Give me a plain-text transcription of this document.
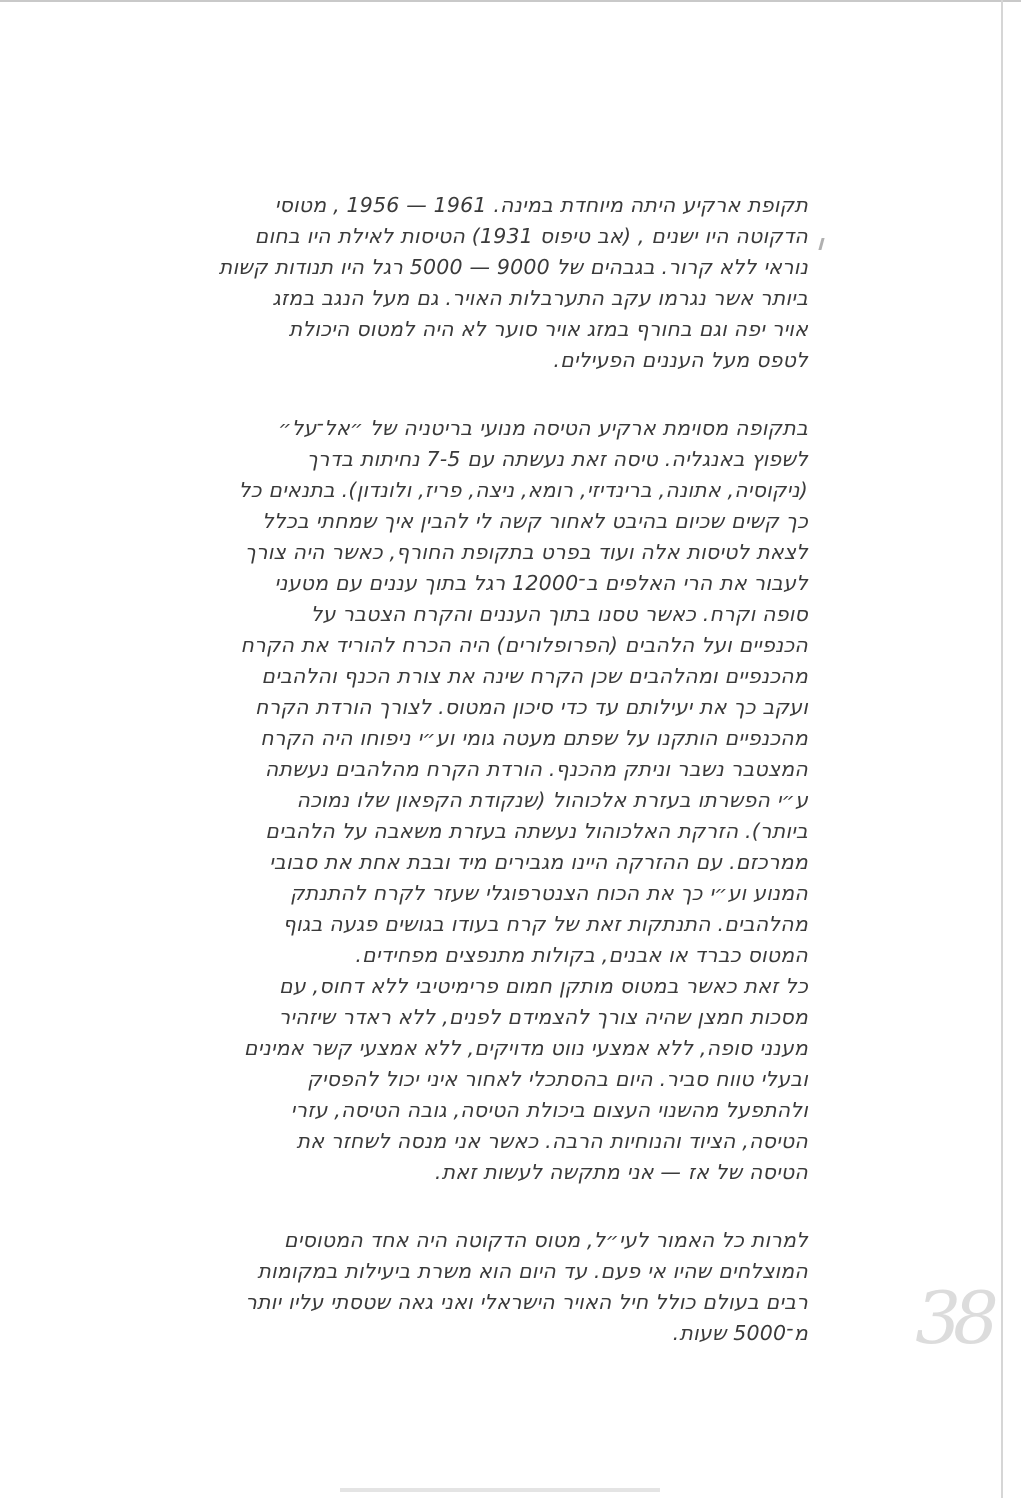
תקופת ארקיע היתה מיוחדת במינה. 1961 — 1956 , מטוסי
הדקוטה היו ישנים , (אב טיפוס 1931) הטיסות לאילת היו בחום
נוראי ללא קרור. בגבהים של 9000 — 5000 רגל היו תנודות קשות
ביותר אשר נגרמו עקב התערבלות האויר. גם מעל הנגב במזג
אויר יפה וגם בחורף במזג אויר סוער לא היה למטוס היכולת
לטפס מעל העננים הפעילים.

בתקופה מסוימת ארקיע הטיסה מנועי בריטניה של ״אל־על״
לשפוץ באנגליה. טיסה זאת נעשתה עם 7-5 נחיתות בדרך
(ניקוסיה, אתונה, ברינדיזי, רומא, ניצה, פריז, ולונדון). בתנאים כל
כך קשים שכיום בהיבט לאחור קשה לי להבין איך שמחתי בכלל
לצאת לטיסות אלה ועוד בפרט בתקופת החורף, כאשר היה צורך
לעבור את הרי האלפים ב־12000 רגל בתוך עננים עם מטעני
סופה וקרח. כאשר טסנו בתוך העננים והקרח הצטבר על
הכנפיים ועל הלהבים (הפרופלורים) היה הכרח להוריד את הקרח
מהכנפיים ומהלהבים שכן הקרח שינה את צורת הכנף והלהבים
ועקב כך את יעילותם עד כדי סיכון המטוס. לצורך הורדת הקרח
מהכנפיים הותקנו על שפתם מעטה גומי וע״י ניפוחו היה הקרח
המצטבר נשבר וניתק מהכנף. הורדת הקרח מהלהבים נעשתה
ע״י הפשרתו בעזרת אלכוהול (שנקודת הקפאון שלו נמוכה
ביותר). הזרקת האלכוהול נעשתה בעזרת משאבה על הלהבים
ממרכזם. עם ההזרקה היינו מגבירים מיד ובבת אחת את סבובי
המנוע וע״י כך את הכוח הצנטרפוגלי שעזר לקרח להתנתק
מהלהבים. התנתקות זאת של קרח בעודו בגושים פגעה בגוף
המטוס כברד או אבנים, בקולות מתנפצים מפחידים.
כל זאת כאשר במטוס מותקן חמום פרימיטיבי ללא דחוס, עם
מסכות חמצן שהיה צורך להצמידם לפנים, ללא ראדר שיזהיר
מענני סופה, ללא אמצעי נווט מדויקים, ללא אמצעי קשר אמינים
ובעלי טווח סביר. היום בהסתכלי לאחור איני יכול להפסיק
ולהתפעל מהשנוי העצום ביכולת הטיסה, גובה הטיסה, עזרי
הטיסה, הציוד והנוחיות הרבה. כאשר אני מנסה לשחזר את
הטיסה של אז — אני מתקשה לעשות זאת.

למרות כל האמור לעי״ל, מטוס הדקוטה היה אחד המטוסים
המוצלחים שהיו אי פעם. עד היום הוא משרת ביעילות במקומות
רבים בעולם כולל חיל האויר הישראלי ואני גאה שטסתי עליו יותר
מ־5000 שעות. 38
